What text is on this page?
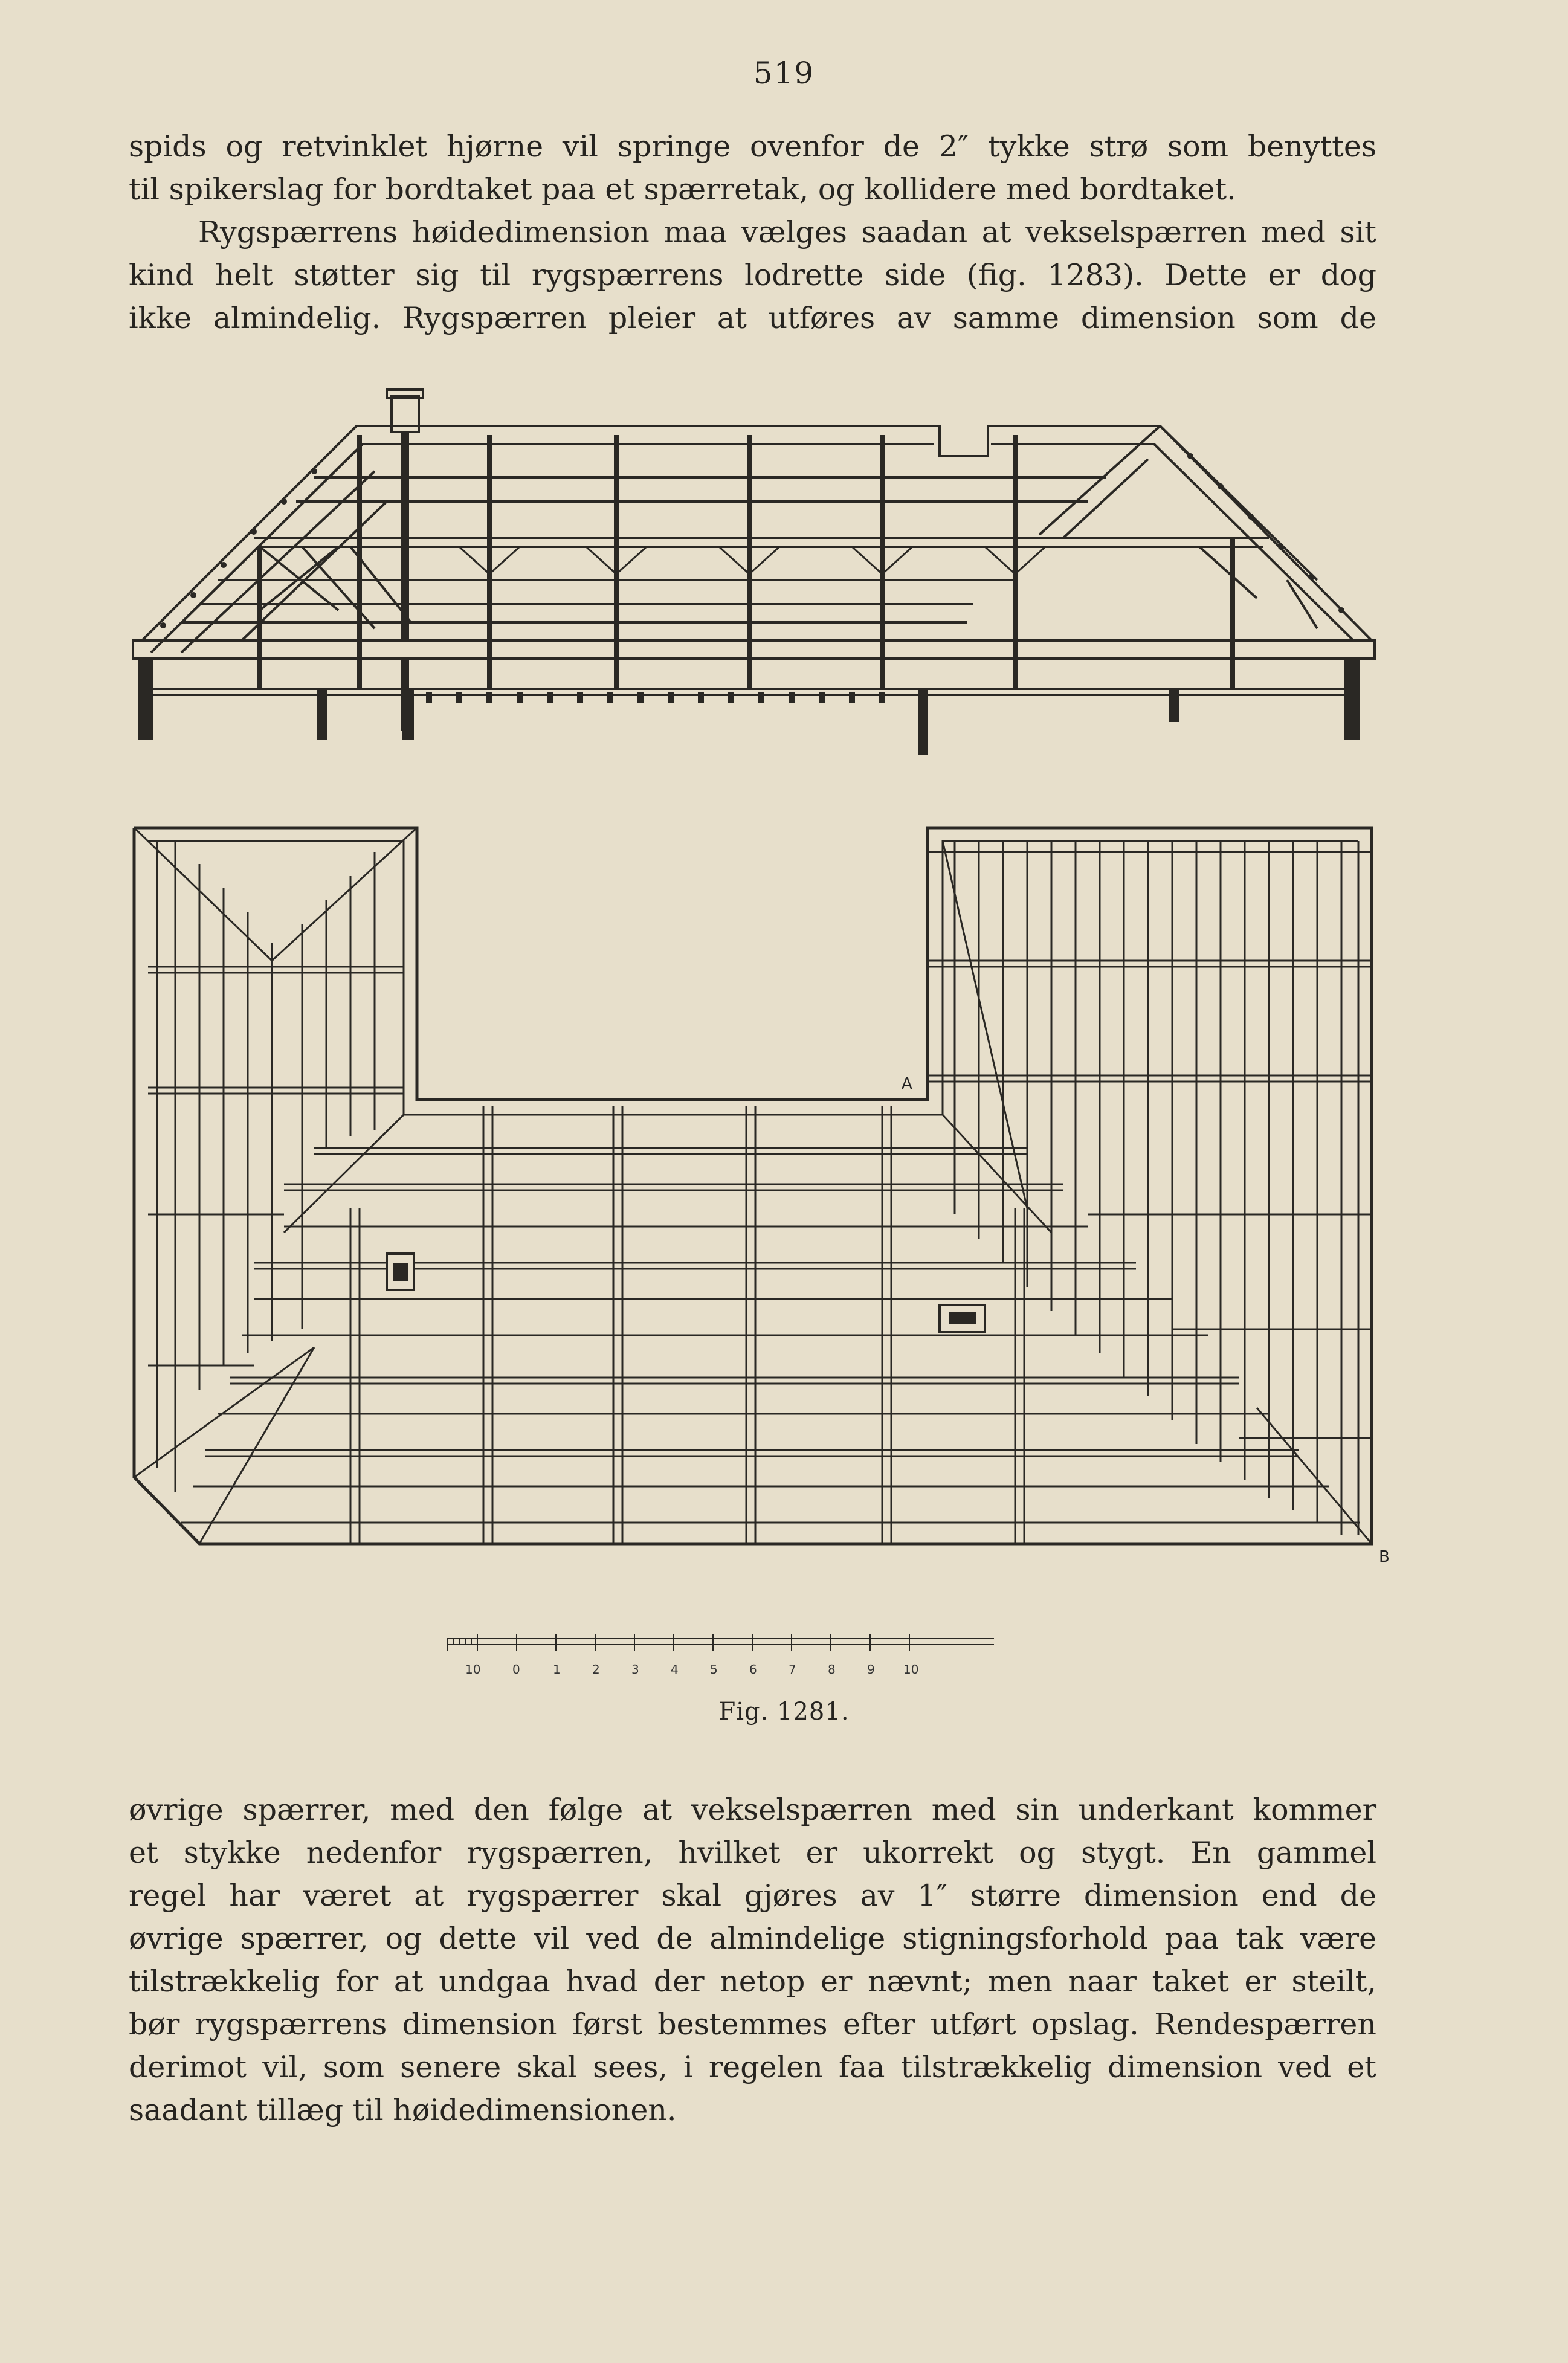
519

spids og retvinklet hjørne vil springe ovenfor de 2″ tykke strø som benyttes
til spikerslag for bordtaket paa et spærretak, og kollidere med bordtaket.

Rygspærrens høidedimension maa vælges saadan at vekselspærren med sit
kind helt støtter sig til rygspærrens lodrette side (fig. 1283). Dette er dog
ikke almindelig. Rygspærren pleier at utføres av samme dimension som de

A
B
10	0	1	2	3	4	5	6	7	8	9 10
Fig. 1281.

øvrige spærrer, med den følge at vekselspærren med sin underkant kommer
et stykke nedenfor rygspærren, hvilket er ukorrekt og stygt. En gammel
regel har været at rygspærrer skal gjøres av 1″ større dimension end de
øvrige spærrer, og dette vil ved de almindelige stigningsforhold paa tak være
tilstrækkelig for at undgaa hvad der netop er nævnt; men naar taket er steilt,
bør rygspærrens dimension først bestemmes efter utført opslag. Rendespærren
derimot vil, som senere skal sees, i regelen faa tilstrækkelig dimension ved et
saadant tillæg til høidedimensionen.
